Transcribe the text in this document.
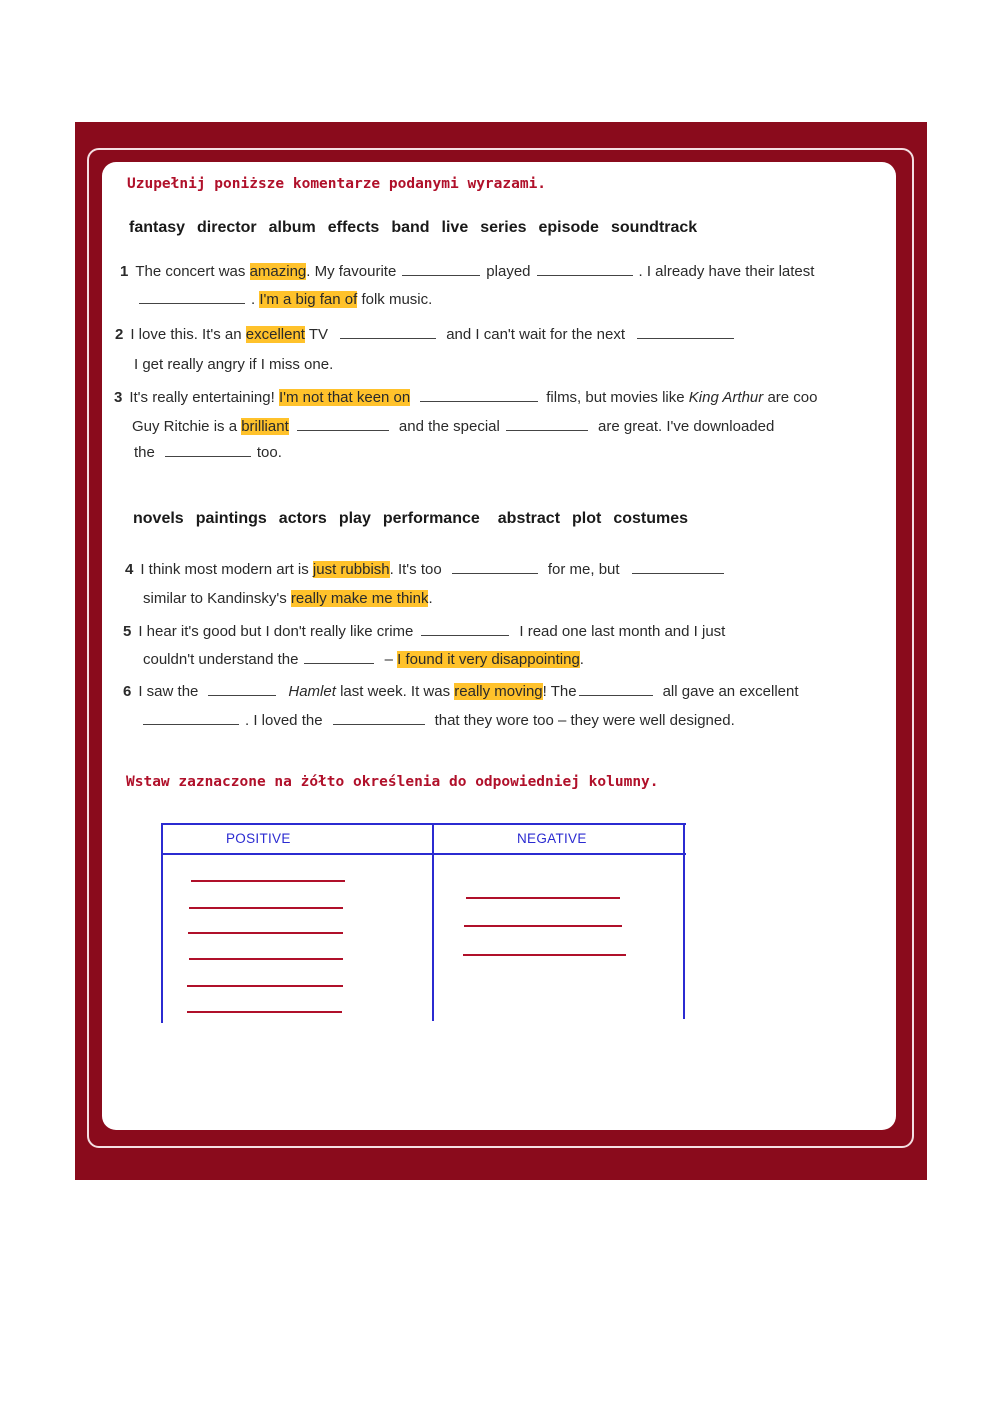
Uzupełnij poniższe komentarze podanymi wyrazami.
fantasy director album effects band live series episode soundtrack
1 The concert was amazing. My favourite	played	. I already have their latest
. I'm a big fan of folk music.
2 I love this. It's an excellent TV	and I can't wait for the next
I get really angry if I miss one.
3 It's really entertaining! I'm not that keen on	films, but movies like King Arthur are coo
Guy Ritchie is a brilliant	and the special	are great. I've downloaded
the	too.
novels paintings actors play performance abstract plot costumes
4 I think most modern art is just rubbish. It's too	for me, but
similar to Kandinsky's really make me think.
5 I hear it's good but I don't really like crime	I read one last month and I just
couldn't understand the	– I found it very disappointing.
6 I saw the	Hamlet last week. It was really moving! The	all gave an excellent
. I loved the	that they wore too – they were well designed.
Wstaw zaznaczone na żółto określenia do odpowiedniej kolumny.
POSITIVE	NEGATIVE
